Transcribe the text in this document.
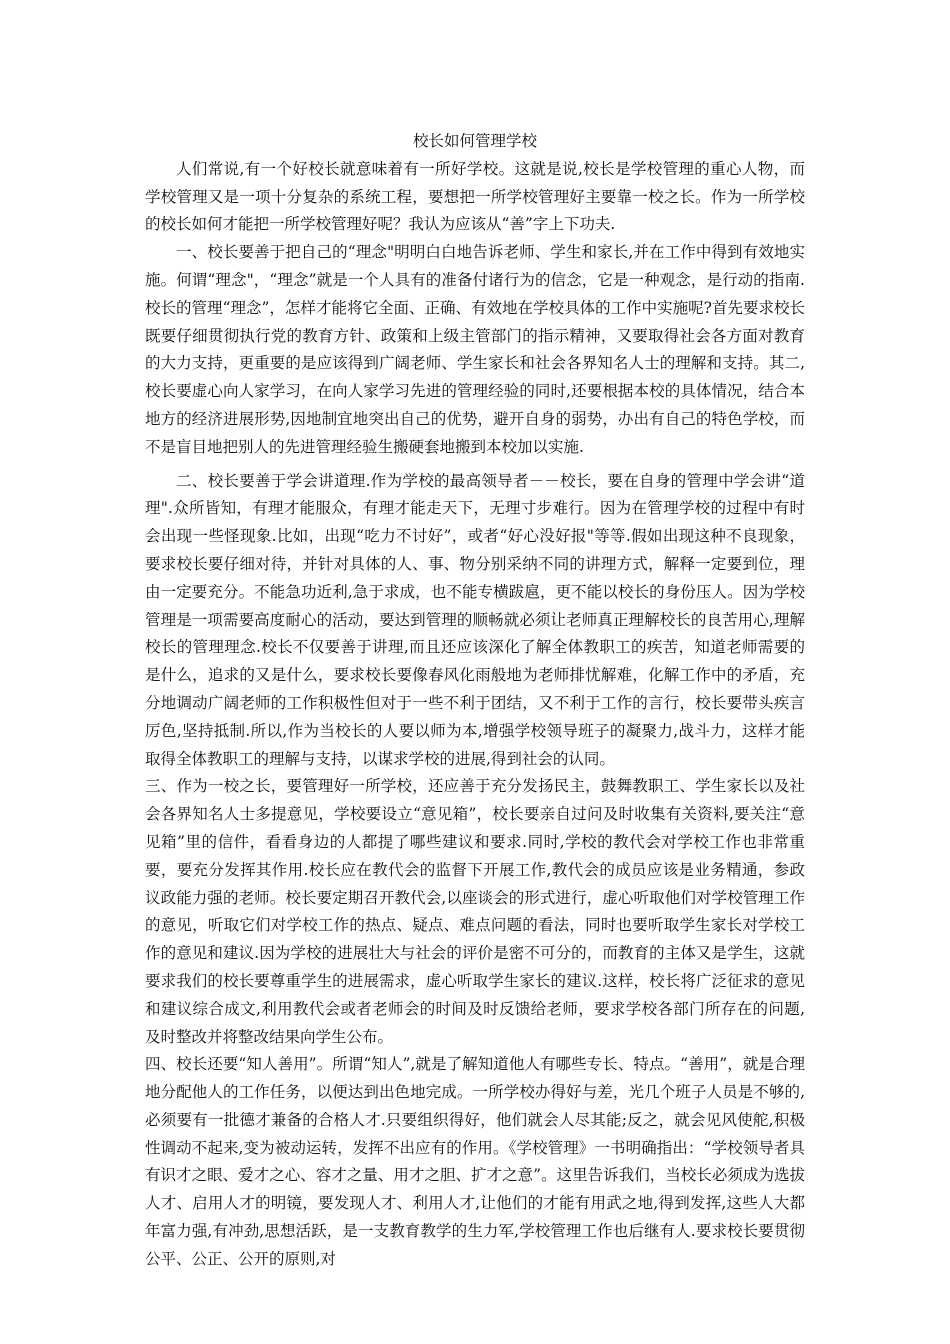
校长如何管理学校

人们常说,有一个好校长就意味着有一所好学校。这就是说,校长是学校管理的重心人物，而学校管理又是一项十分复杂的系统工程，要想把一所学校管理好主要靠一校之长。作为一所学校的校长如何才能把一所学校管理好呢？我认为应该从“善”字上下功夫.

一、校长要善于把自己的“理念"明明白白地告诉老师、学生和家长,并在工作中得到有效地实施。何谓“理念"，“理念”就是一个人具有的准备付诸行为的信念，它是一种观念，是行动的指南.校长的管理“理念”，怎样才能将它全面、正确、有效地在学校具体的工作中实施呢?首先要求校长既要仔细贯彻执行党的教育方针、政策和上级主管部门的指示精神，又要取得社会各方面对教育的大力支持，更重要的是应该得到广阔老师、学生家长和社会各界知名人士的理解和支持。其二,校长要虚心向人家学习，在向人家学习先进的管理经验的同时,还要根据本校的具体情况，结合本地方的经济进展形势,因地制宜地突出自己的优势，避开自身的弱势，办出有自己的特色学校，而不是盲目地把别人的先进管理经验生搬硬套地搬到本校加以实施.

二、校长要善于学会讲道理.作为学校的最高领导者－－校长，要在自身的管理中学会讲“道理".众所皆知，有理才能服众，有理才能走天下，无理寸步难行。因为在管理学校的过程中有时会出现一些怪现象.比如，出现“吃力不讨好”，或者“好心没好报"等等.假如出现这种不良现象，要求校长要仔细对待，并针对具体的人、事、物分别采纳不同的讲理方式，解释一定要到位，理由一定要充分。不能急功近利,急于求成，也不能专横跋扈，更不能以校长的身份压人。因为学校管理是一项需要高度耐心的活动，要达到管理的顺畅就必须让老师真正理解校长的良苦用心,理解校长的管理理念.校长不仅要善于讲理,而且还应该深化了解全体教职工的疾苦，知道老师需要的是什么，追求的又是什么，要求校长要像春风化雨般地为老师排忧解难，化解工作中的矛盾，充分地调动广阔老师的工作积极性但对于一些不利于团结，又不利于工作的言行，校长要带头疾言厉色,坚持抵制.所以,作为当校长的人要以师为本,增强学校领导班子的凝聚力,战斗力，这样才能取得全体教职工的理解与支持，以谋求学校的进展,得到社会的认同。

三、作为一校之长，要管理好一所学校，还应善于充分发扬民主，鼓舞教职工、学生家长以及社会各界知名人士多提意见，学校要设立“意见箱”，校长要亲自过问及时收集有关资料,要关注“意见箱”里的信件，看看身边的人都提了哪些建议和要求.同时,学校的教代会对学校工作也非常重要，要充分发挥其作用.校长应在教代会的监督下开展工作,教代会的成员应该是业务精通，参政议政能力强的老师。校长要定期召开教代会,以座谈会的形式进行，虚心听取他们对学校管理工作的意见，听取它们对学校工作的热点、疑点、难点问题的看法，同时也要听取学生家长对学校工作的意见和建议.因为学校的进展壮大与社会的评价是密不可分的，而教育的主体又是学生，这就要求我们的校长要尊重学生的进展需求，虚心听取学生家长的建议.这样，校长将广泛征求的意见和建议综合成文,利用教代会或者老师会的时间及时反馈给老师，要求学校各部门所存在的问题,及时整改并将整改结果向学生公布。

四、校长还要“知人善用”。所谓“知人”,就是了解知道他人有哪些专长、特点。“善用”，就是合理地分配他人的工作任务，以便达到出色地完成。一所学校办得好与差，光几个班子人员是不够的,必须要有一批德才兼备的合格人才.只要组织得好，他们就会人尽其能;反之，就会见风使舵,积极性调动不起来,变为被动运转，发挥不出应有的作用。《学校管理》一书明确指出：“学校领导者具有识才之眼、爱才之心、容才之量、用才之胆、扩才之意”。这里告诉我们，当校长必须成为选拔人才、启用人才的明镜，要发现人才、利用人才,让他们的才能有用武之地,得到发挥,这些人大都年富力强,有冲劲,思想活跃，是一支教育教学的生力军,学校管理工作也后继有人.要求校长要贯彻公平、公正、公开的原则,对
